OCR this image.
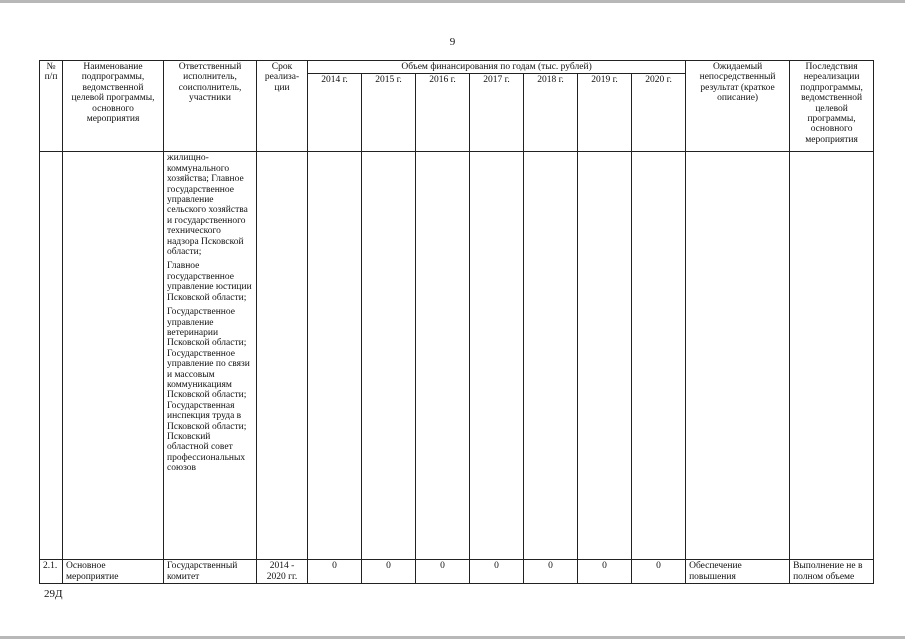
9
№ п/п	Наименование подпрограммы, ведомственной целевой программы, основного мероприятия	Ответственный исполнитель, соисполнитель, участники	Срок реализа-ции	Объем финансирования по годам (тыс. рублей)							Ожидаемый непосредственный результат (краткое описание)	Последствия нереализации подпрограммы, ведомственной целевой программы, основного мероприятия
				2014 г.	2015 г.	2016 г.	2017 г.	2018 г.	2019 г.	2020 г.		

		жилищно-коммунального хозяйства; Главное государственное управление сельского хозяйства и государственного технического надзора Псковской области;

Главное государственное управление юстиции Псковской области;

Государственное управление ветеринарии Псковской области; Государственное управление по связи и массовым коммуникациям Псковской области; Государственная инспекция труда в Псковской области; Псковский областной совет профессиональных союзов										

2.1.	Основное мероприятие	Государственный комитет	2014 - 2020 гг.	0	0	0	0	0	0	0	Обеспечение повышения	Выполнение не в полном объеме
29Д
